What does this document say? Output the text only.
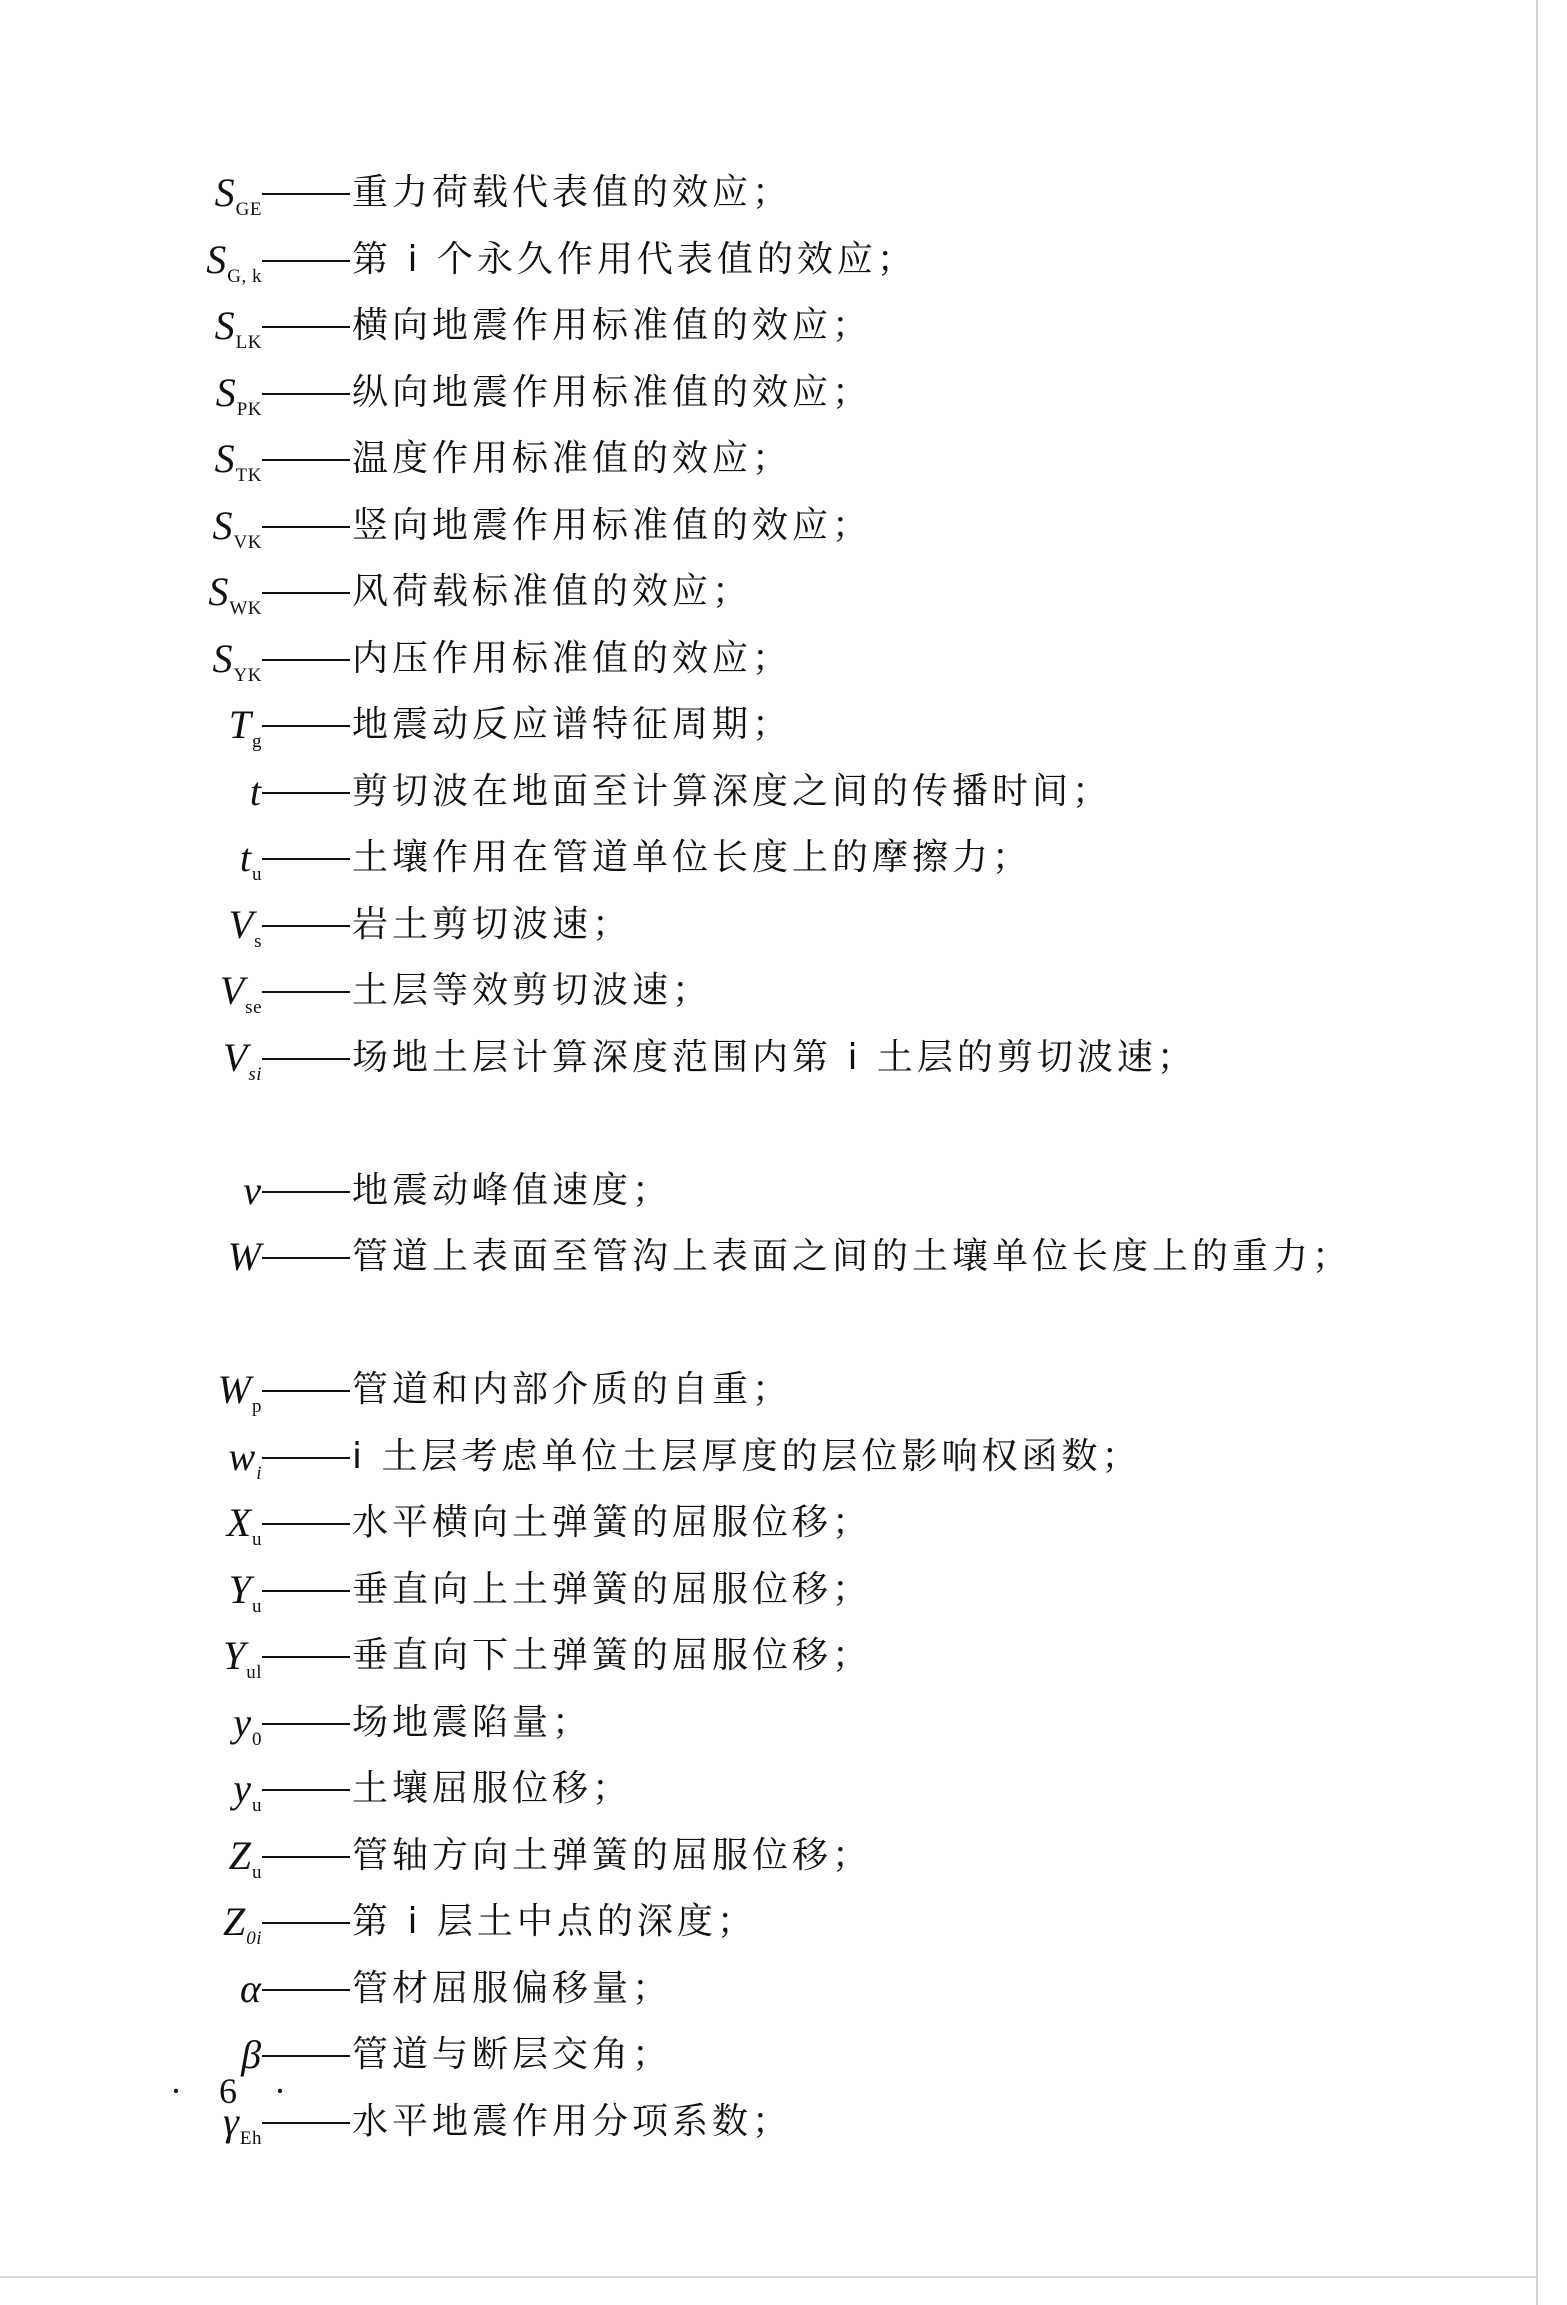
$S_{GE}$	重力荷载代表值的效应；
$S_{G, k}$	第 i 个永久作用代表值的效应；
$S_{LK}$	横向地震作用标准值的效应；
$S_{PK}$	纵向地震作用标准值的效应；
$S_{TK}$	温度作用标准值的效应；
$S_{VK}$	竖向地震作用标准值的效应；
$S_{WK}$	风荷载标准值的效应；
$S_{YK}$	内压作用标准值的效应；
$T_g$	地震动反应谱特征周期；
t	剪切波在地面至计算深度之间的传播时间；
$t_u$	土壤作用在管道单位长度上的摩擦力；
$V_s$	岩土剪切波速；
$V_{se}$	土层等效剪切波速；
$V_{si}$	场地土层计算深度范围内第 i 土层的剪切波速；
v	地震动峰值速度；
W	管道上表面至管沟上表面之间的土壤单位长度上的重力；
$W_p$	管道和内部介质的自重；
$w_i$	i 土层考虑单位土层厚度的层位影响权函数；
$X_u$	水平横向土弹簧的屈服位移；
$Y_u$	垂直向上土弹簧的屈服位移；
$Y_{ul}$	垂直向下土弹簧的屈服位移；
$y_0$	场地震陷量；
$y_u$	土壤屈服位移；
$Z_u$	管轴方向土弹簧的屈服位移；
$Z_{0i}$	第 i 层土中点的深度；
α	管材屈服偏移量；
β	管道与断层交角；
$\gamma_{Eh}$	水平地震作用分项系数；
· 6 ·
